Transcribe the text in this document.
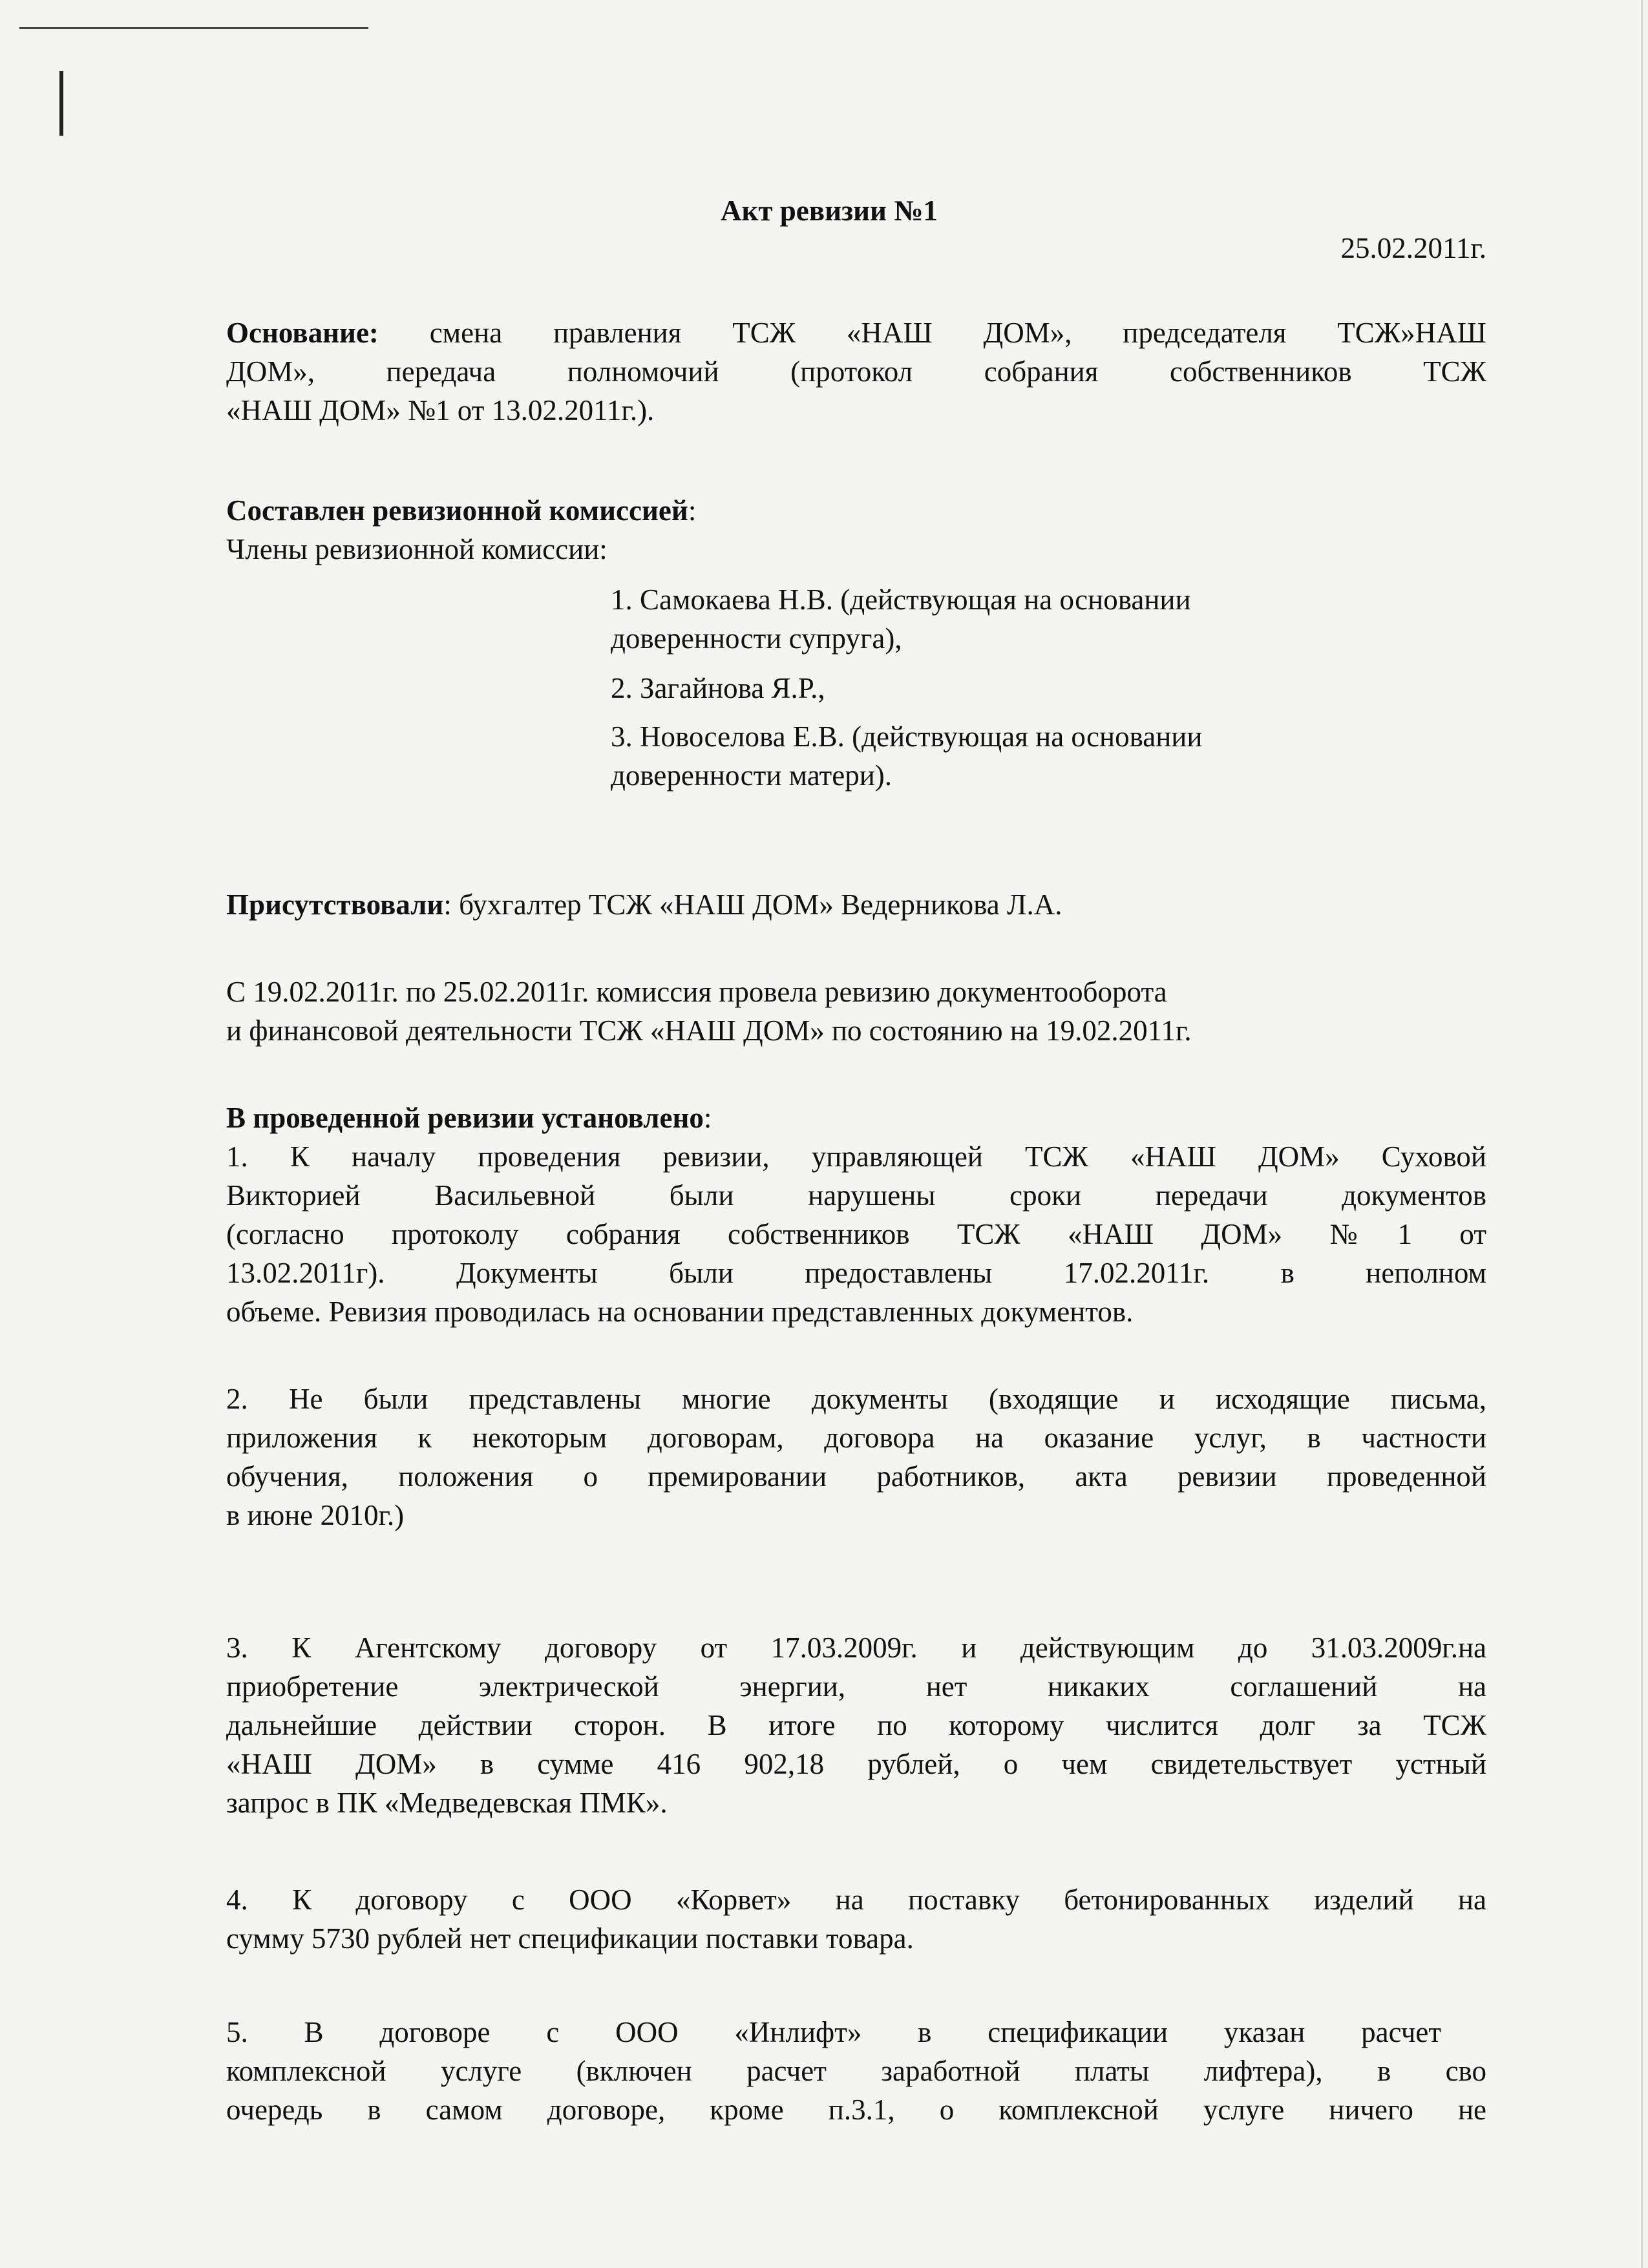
Акт ревизии №1
25.02.2011г.
Основание: смена правления ТСЖ «НАШ ДОМ», председателя ТСЖ»НАШ
ДОМ», передача полномочий (протокол собрания собственников ТСЖ
«НАШ ДОМ» №1 от 13.02.2011г.).
Составлен ревизионной комиссией:
Члены ревизионной комиссии:
1. Самокаева Н.В. (действующая на основании
доверенности супруга),
2. Загайнова Я.Р.,
3. Новоселова Е.В. (действующая на основании
доверенности матери).
Присутствовали: бухгалтер ТСЖ «НАШ ДОМ» Ведерникова Л.А.
С 19.02.2011г. по 25.02.2011г. комиссия провела ревизию документооборота
и финансовой деятельности ТСЖ «НАШ ДОМ» по состоянию на 19.02.2011г.
В проведенной ревизии установлено:
1. К началу проведения ревизии, управляющей ТСЖ «НАШ ДОМ» Суховой
Викторией Васильевной были нарушены сроки передачи документов
(согласно протоколу собрания собственников ТСЖ «НАШ ДОМ» №1 от
13.02.2011г). Документы были предоставлены 17.02.2011г. в неполном
объеме. Ревизия проводилась на основании представленных документов.
2. Не были представлены многие документы (входящие и исходящие письма,
приложения к некоторым договорам, договора на оказание услуг, в частности
обучения, положения о премировании работников, акта ревизии проведенной
в июне 2010г.)
3. К Агентскому договору от 17.03.2009г. и действующим до 31.03.2009г.на
приобретение электрической энергии, нет никаких соглашений на
дальнейшие действии сторон. В итоге по которому числится долг за ТСЖ
«НАШ ДОМ» в сумме 416 902,18 рублей, о чем свидетельствует устный
запрос в ПК «Медведевская ПМК».
4. К договору с ООО «Корвет» на поставку бетонированных изделий на
сумму 5730 рублей нет спецификации поставки товара.
5. В договоре с ООО «Инлифт» в спецификации указан расчет
комплексной услуге (включен расчет заработной платы лифтера), в сво
очередь в самом договоре, кроме п.3.1, о комплексной услуге ничего не
